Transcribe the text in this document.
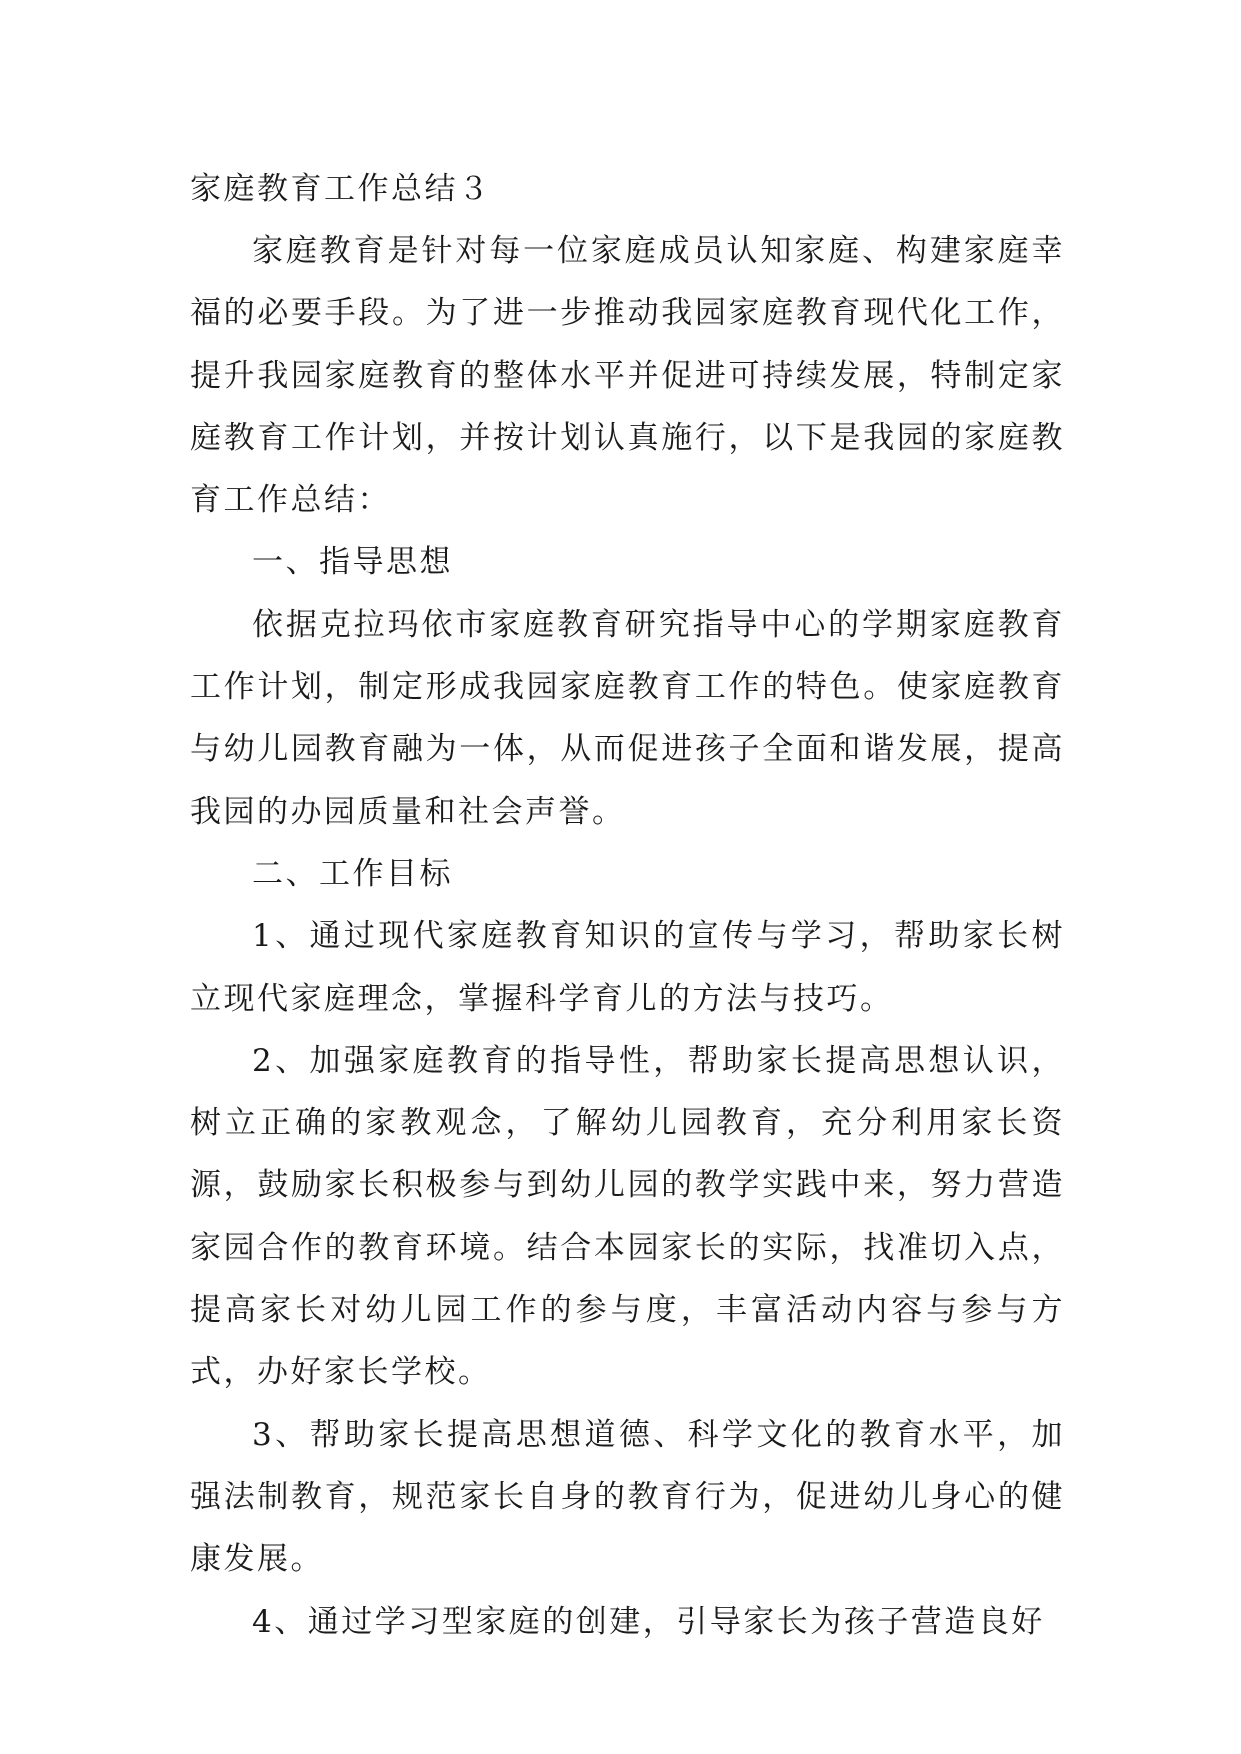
家庭教育工作总结３

家庭教育是针对每一位家庭成员认知家庭、构建家庭幸福的必要手段。为了进一步推动我园家庭教育现代化工作，提升我园家庭教育的整体水平并促进可持续发展，特制定家庭教育工作计划，并按计划认真施行，以下是我园的家庭教育工作总结：

一、指导思想

依据克拉玛依市家庭教育研究指导中心的学期家庭教育工作计划，制定形成我园家庭教育工作的特色。使家庭教育与幼儿园教育融为一体，从而促进孩子全面和谐发展，提高我园的办园质量和社会声誉。

二、工作目标

1、通过现代家庭教育知识的宣传与学习，帮助家长树立现代家庭理念，掌握科学育儿的方法与技巧。

2、加强家庭教育的指导性，帮助家长提高思想认识，树立正确的家教观念，了解幼儿园教育，充分利用家长资源，鼓励家长积极参与到幼儿园的教学实践中来，努力营造家园合作的教育环境。结合本园家长的实际，找准切入点，提高家长对幼儿园工作的参与度，丰富活动内容与参与方式，办好家长学校。

3、帮助家长提高思想道德、科学文化的教育水平，加强法制教育，规范家长自身的教育行为，促进幼儿身心的健康发展。

4、通过学习型家庭的创建，引导家长为孩子营造良好
